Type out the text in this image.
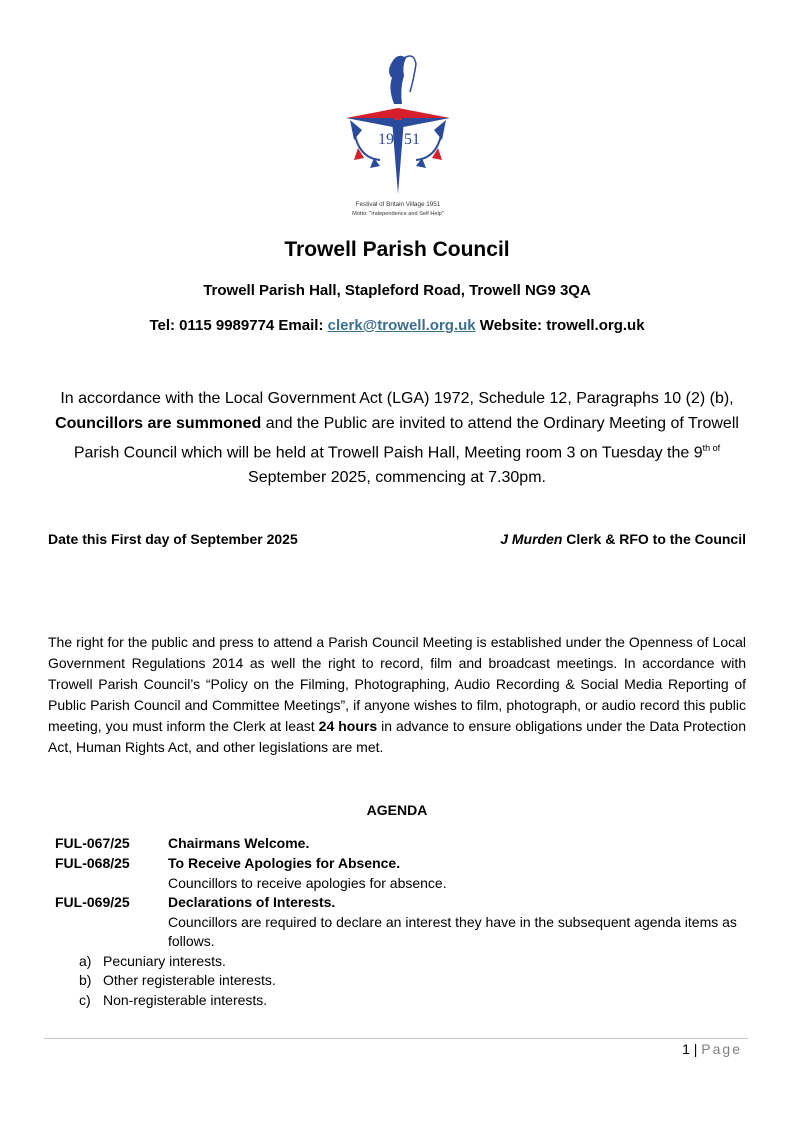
19 51
Festival of Britain Village 1951
Motto: "Independence and Self Help"
Trowell Parish Council
Trowell Parish Hall, Stapleford Road, Trowell NG9 3QA
Tel: 0115 9989774 Email: clerk@trowell.org.uk Website: trowell.org.uk
In accordance with the Local Government Act (LGA) 1972, Schedule 12, Paragraphs 10 (2) (b),
Councillors are summoned and the Public are invited to attend the Ordinary Meeting of Trowell Parish Council which will be held at Trowell Paish Hall, Meeting room 3 on Tuesday the $9^{th of}$ September 2025, commencing at 7.30pm.
Date this First day of September 2025	J Murden Clerk & RFO to the Council
The right for the public and press to attend a Parish Council Meeting is established under the Openness of Local Government Regulations 2014 as well the right to record, film and broadcast meetings. In accordance with Trowell Parish Council’s “Policy on the Filming, Photographing, Audio Recording & Social Media Reporting of Public Parish Council and Committee Meetings”, if anyone wishes to film, photograph, or audio record this public meeting, you must inform the Clerk at least 24 hours in advance to ensure obligations under the Data Protection Act, Human Rights Act, and other legislations are met.
AGENDA
FUL-067/25	Chairmans Welcome.
FUL-068/25	To Receive Apologies for Absence.
Councillors to receive apologies for absence.
FUL-069/25	Declarations of Interests.
Councillors are required to declare an interest they have in the subsequent agenda items as follows.
a) Pecuniary interests.
b) Other registerable interests.
c) Non-registerable interests.
1 | Page
